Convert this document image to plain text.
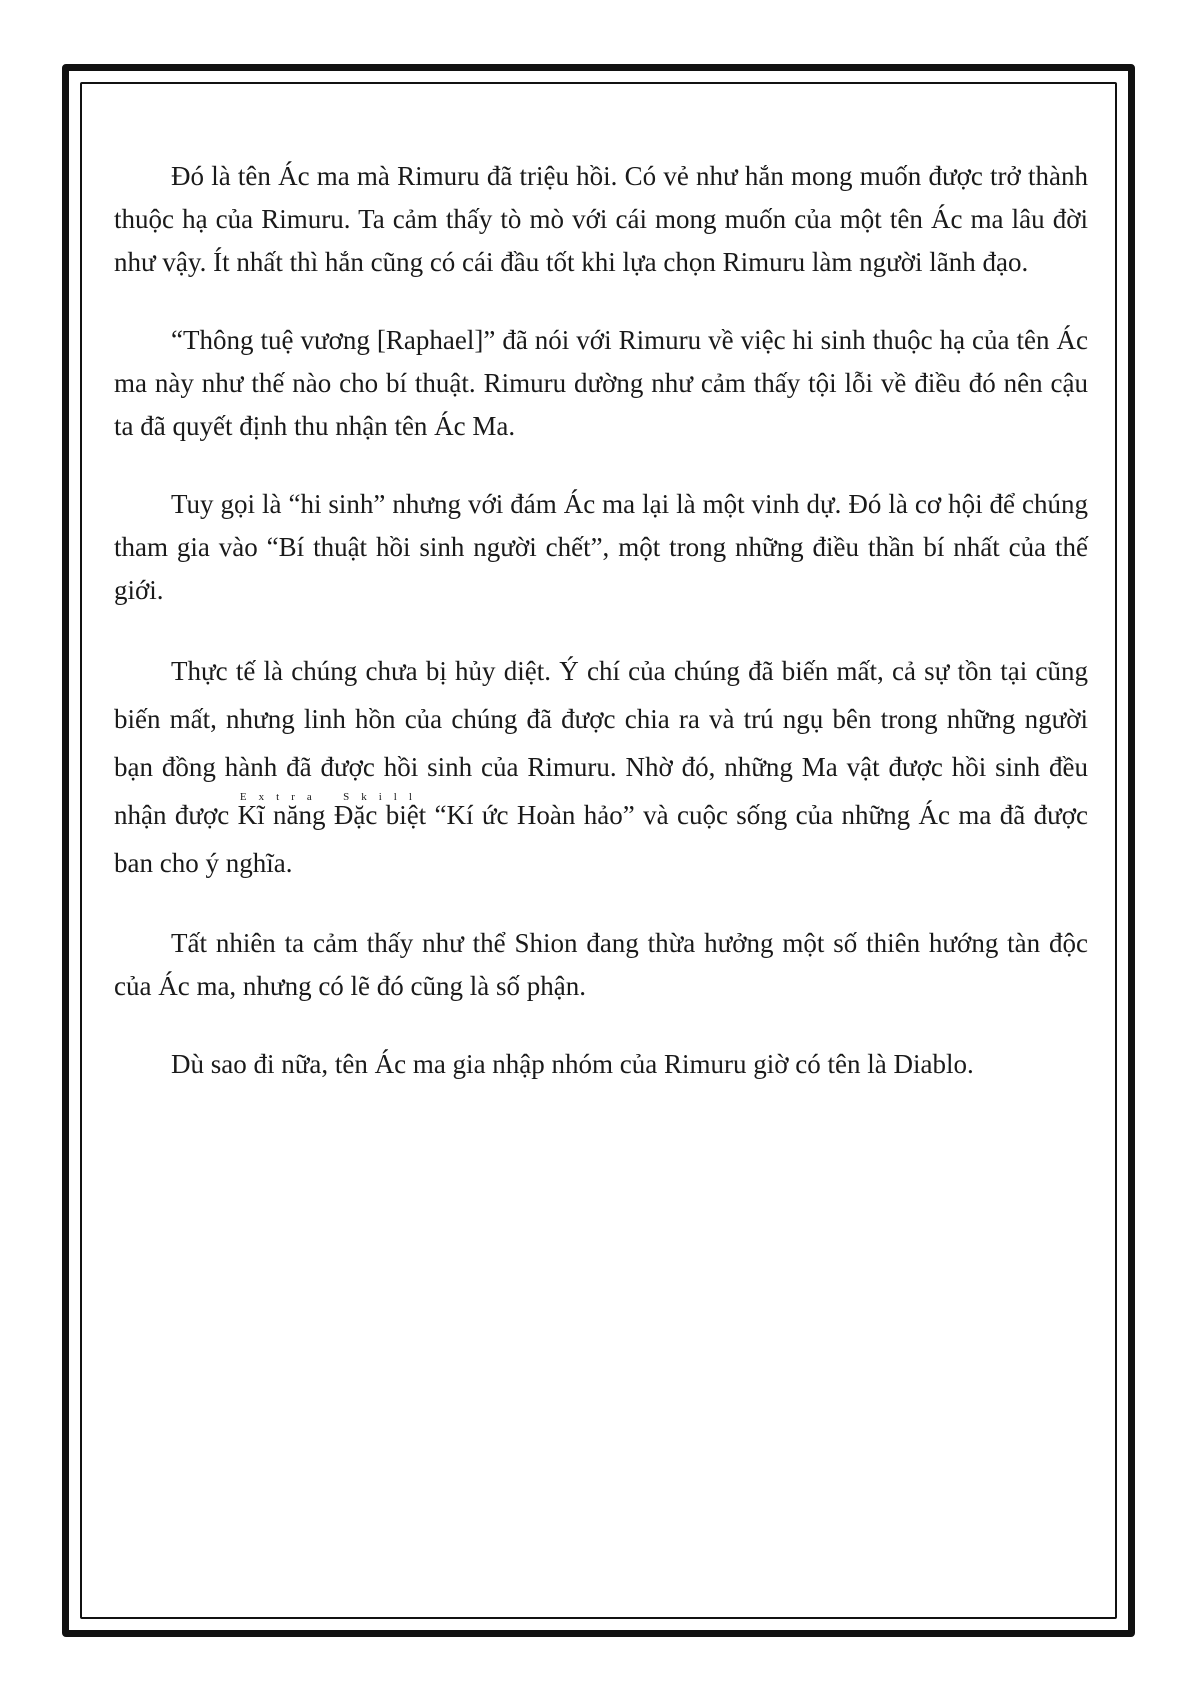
Đó là tên Ác ma mà Rimuru đã triệu hồi. Có vẻ như hắn mong muốn được trở thành thuộc hạ của Rimuru. Ta cảm thấy tò mò với cái mong muốn của một tên Ác ma lâu đời như vậy. Ít nhất thì hắn cũng có cái đầu tốt khi lựa chọn Rimuru làm người lãnh đạo.

“Thông tuệ vương [Raphael]” đã nói với Rimuru về việc hi sinh thuộc hạ của tên Ác ma này như thế nào cho bí thuật. Rimuru dường như cảm thấy tội lỗi về điều đó nên cậu ta đã quyết định thu nhận tên Ác Ma.

Tuy gọi là “hi sinh” nhưng với đám Ác ma lại là một vinh dự. Đó là cơ hội để chúng tham gia vào “Bí thuật hồi sinh người chết”, một trong những điều thần bí nhất của thế giới.

Thực tế là chúng chưa bị hủy diệt. Ý chí của chúng đã biến mất, cả sự tồn tại cũng biến mất, nhưng linh hồn của chúng đã được chia ra và trú ngụ bên trong những người bạn đồng hành đã được hồi sinh của Rimuru. Nhờ đó, những Ma vật được hồi sinh đều nhận được Kĩ năng Đặc biệtExtra Skill “Kí ức Hoàn hảo” và cuộc sống của những Ác ma đã được ban cho ý nghĩa.

Tất nhiên ta cảm thấy như thể Shion đang thừa hưởng một số thiên hướng tàn độc của Ác ma, nhưng có lẽ đó cũng là số phận.

Dù sao đi nữa, tên Ác ma gia nhập nhóm của Rimuru giờ có tên là Diablo.
